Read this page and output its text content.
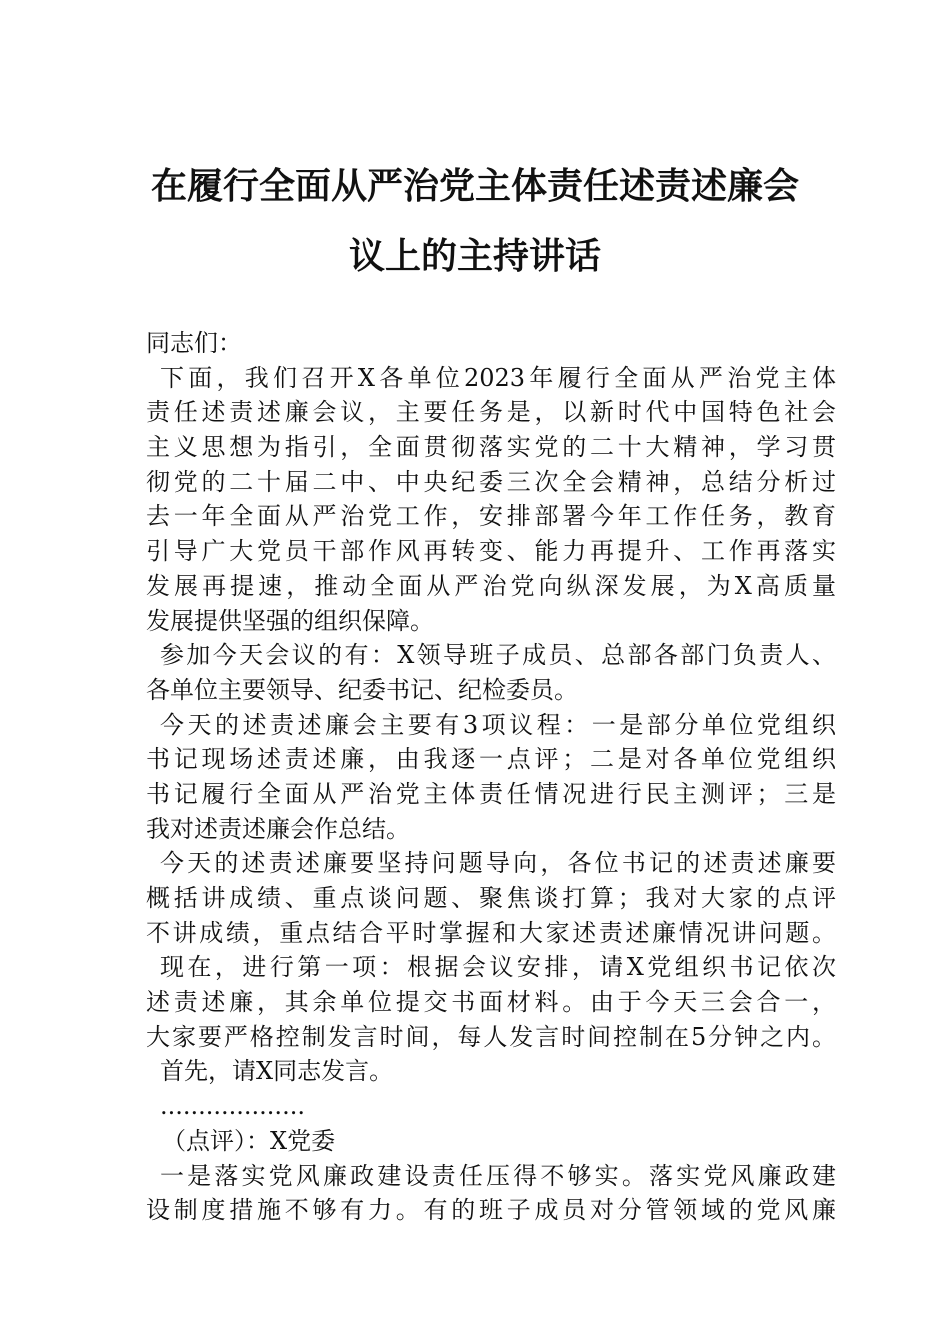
在履行全面从严治党主体责任述责述廉会
议上的主持讲话
同志们：
下面，我们召开X各单位2023年履行全面从严治党主体
责任述责述廉会议，主要任务是，以新时代中国特色社会
主义思想为指引，全面贯彻落实党的二十大精神，学习贯
彻党的二十届二中、中央纪委三次全会精神，总结分析过
去一年全面从严治党工作，安排部署今年工作任务，教育
引导广大党员干部作风再转变、能力再提升、工作再落实
发展再提速，推动全面从严治党向纵深发展，为X高质量
发展提供坚强的组织保障。
参加今天会议的有：X领导班子成员、总部各部门负责人、
各单位主要领导、纪委书记、纪检委员。
今天的述责述廉会主要有3项议程：一是部分单位党组织
书记现场述责述廉，由我逐一点评；二是对各单位党组织
书记履行全面从严治党主体责任情况进行民主测评；三是
我对述责述廉会作总结。
今天的述责述廉要坚持问题导向，各位书记的述责述廉要
概括讲成绩、重点谈问题、聚焦谈打算；我对大家的点评
不讲成绩，重点结合平时掌握和大家述责述廉情况讲问题。
现在，进行第一项：根据会议安排，请X党组织书记依次
述责述廉，其余单位提交书面材料。由于今天三会合一，
大家要严格控制发言时间，每人发言时间控制在5分钟之内。
首先，请X同志发言。
...................
（点评）：X党委
一是落实党风廉政建设责任压得不够实。落实党风廉政建
设制度措施不够有力。有的班子成员对分管领域的党风廉
